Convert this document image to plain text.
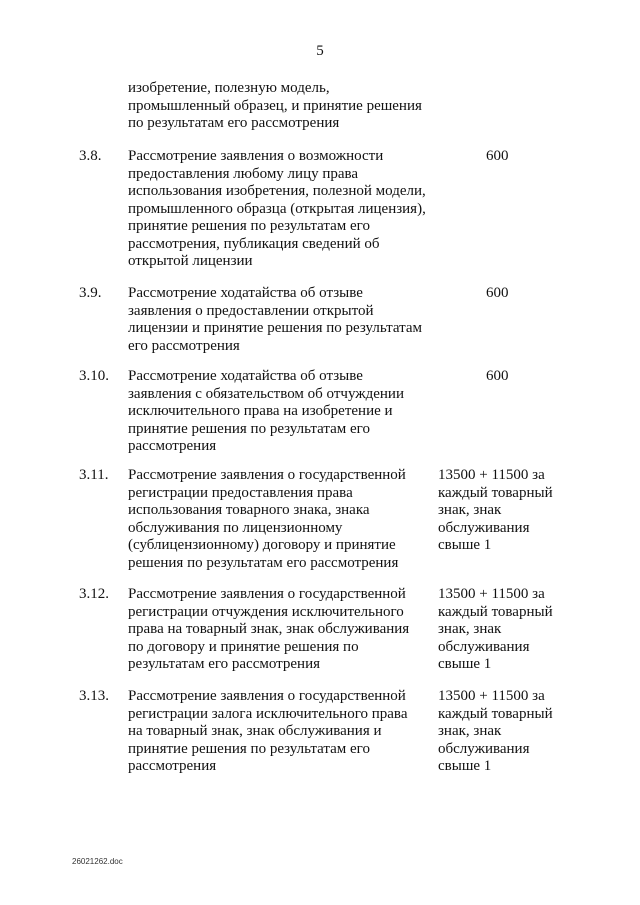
5
изобретение, полезную модель,
промышленный образец, и принятие решения
по результатам его рассмотрения
3.8. Рассмотрение заявления о возможности
предоставления любому лицу права
использования изобретения, полезной модели,
промышленного образца (открытая лицензия),
принятие решения по результатам его
рассмотрения, публикация сведений об
открытой лицензии
600
3.9. Рассмотрение ходатайства об отзыве
заявления о предоставлении открытой
лицензии и принятие решения по результатам
его рассмотрения
600
3.10. Рассмотрение ходатайства об отзыве
заявления с обязательством об отчуждении
исключительного права на изобретение и
принятие решения по результатам его
рассмотрения
600
3.11. Рассмотрение заявления о государственной
регистрации предоставления права
использования товарного знака, знака
обслуживания по лицензионному
(сублицензионному) договору и принятие
решения по результатам его рассмотрения
13500 + 11500 за
каждый товарный
знак, знак
обслуживания
свыше 1
3.12. Рассмотрение заявления о государственной
регистрации отчуждения исключительного
права на товарный знак, знак обслуживания
по договору и принятие решения по
результатам его рассмотрения
13500 + 11500 за
каждый товарный
знак, знак
обслуживания
свыше 1
3.13. Рассмотрение заявления о государственной
регистрации залога исключительного права
на товарный знак, знак обслуживания и
принятие решения по результатам его
рассмотрения
13500 + 11500 за
каждый товарный
знак, знак
обслуживания
свыше 1
26021262.doc
